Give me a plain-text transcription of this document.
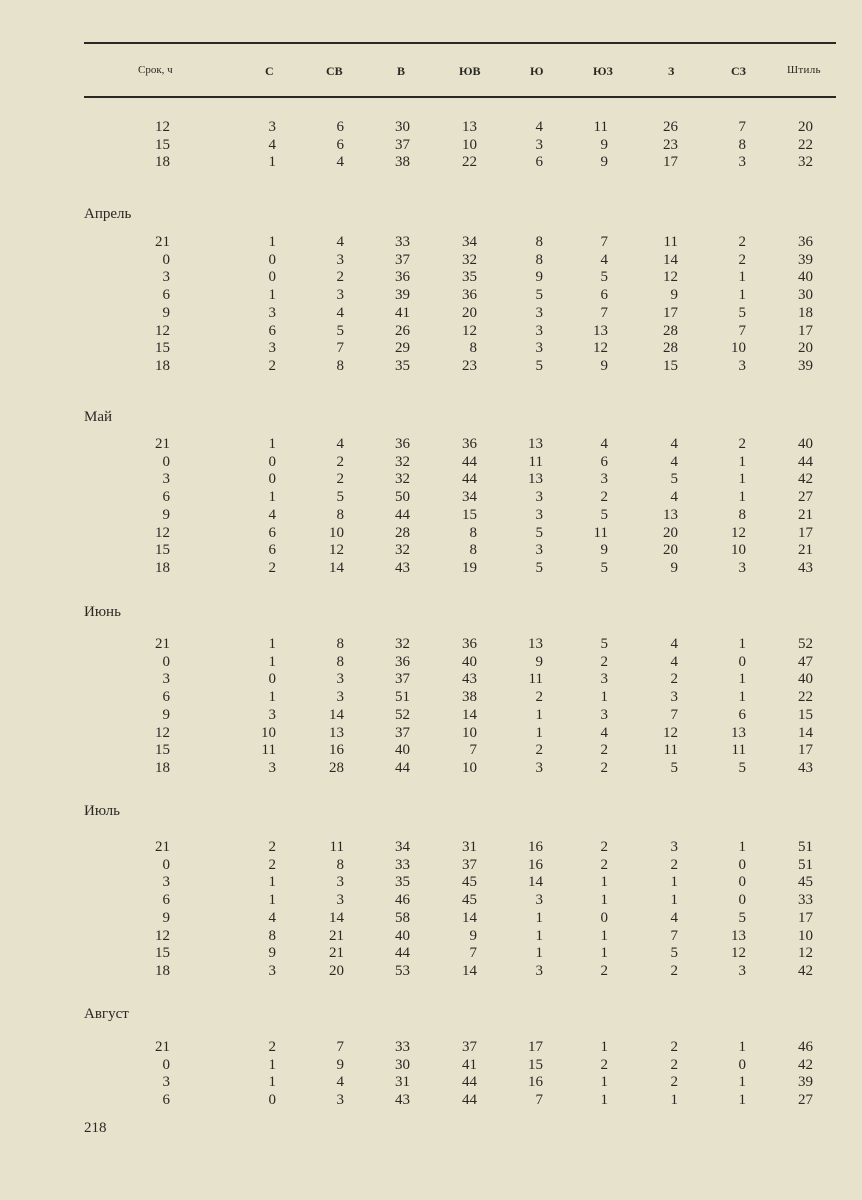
Срок, ч	С	СВ	В	ЮВ	Ю	ЮЗ	З	СЗ	Штиль
12	3	6	30	13	4	11	26	7	20
15	4	6	37	10	3	9	23	8	22
18	1	4	38	22	6	9	17	3	32
Апрель
21	1	4	33	34	8	7	11	2	36
0	0	3	37	32	8	4	14	2	39
3	0	2	36	35	9	5	12	1	40
6	1	3	39	36	5	6	9	1	30
9	3	4	41	20	3	7	17	5	18
12	6	5	26	12	3	13	28	7	17
15	3	7	29	8	3	12	28	10	20
18	2	8	35	23	5	9	15	3	39
Май
21	1	4	36	36	13	4	4	2	40
0	0	2	32	44	11	6	4	1	44
3	0	2	32	44	13	3	5	1	42
6	1	5	50	34	3	2	4	1	27
9	4	8	44	15	3	5	13	8	21
12	6	10	28	8	5	11	20	12	17
15	6	12	32	8	3	9	20	10	21
18	2	14	43	19	5	5	9	3	43
Июнь
21	1	8	32	36	13	5	4	1	52
0	1	8	36	40	9	2	4	0	47
3	0	3	37	43	11	3	2	1	40
6	1	3	51	38	2	1	3	1	22
9	3	14	52	14	1	3	7	6	15
12	10	13	37	10	1	4	12	13	14
15	11	16	40	7	2	2	11	11	17
18	3	28	44	10	3	2	5	5	43
Июль
21	2	11	34	31	16	2	3	1	51
0	2	8	33	37	16	2	2	0	51
3	1	3	35	45	14	1	1	0	45
6	1	3	46	45	3	1	1	0	33
9	4	14	58	14	1	0	4	5	17
12	8	21	40	9	1	1	7	13	10
15	9	21	44	7	1	1	5	12	12
18	3	20	53	14	3	2	2	3	42
Август
21	2	7	33	37	17	1	2	1	46
0	1	9	30	41	15	2	2	0	42
3	1	4	31	44	16	1	2	1	39
6	0	3	43	44	7	1	1	1	27
218
